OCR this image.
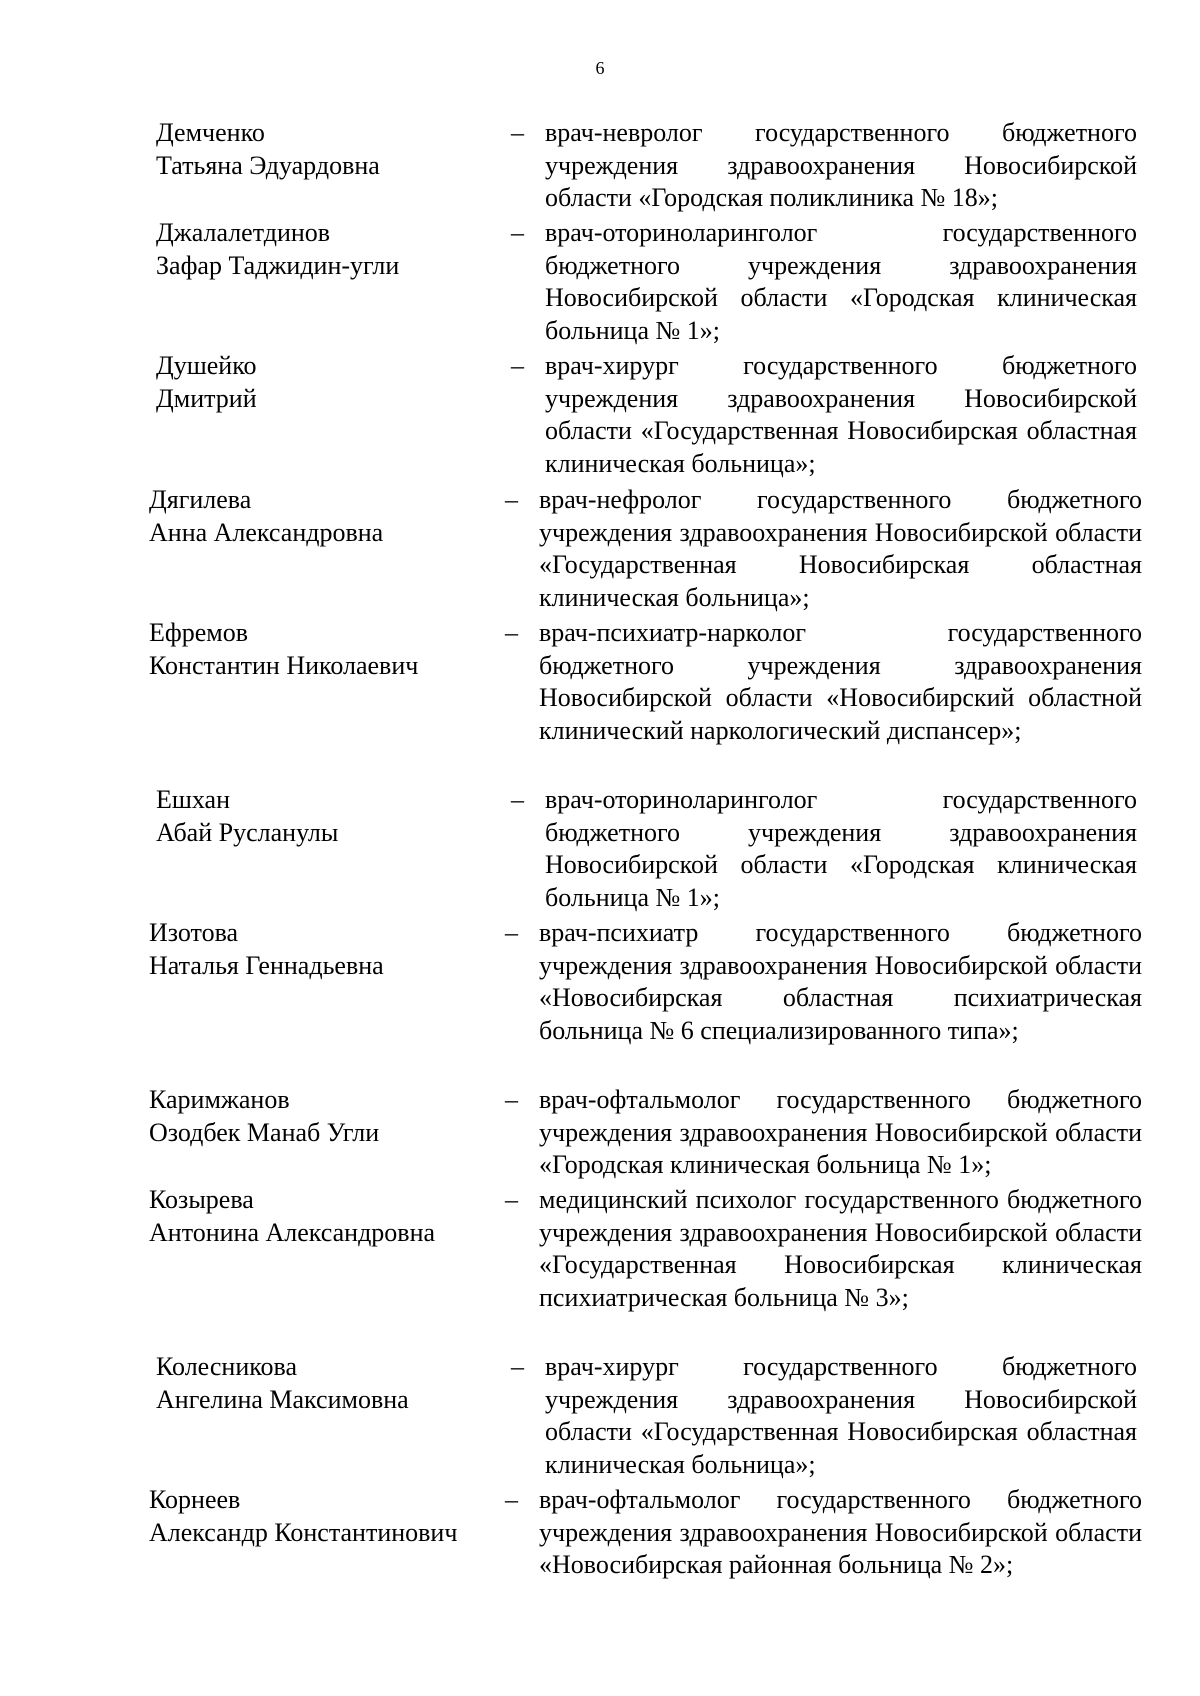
6
Демченко
Татьяна Эдуардовна
– врач-невролог государственного бюджетного учреждения здравоохранения Новосибирской области «Городская поликлиника № 18»;
Джалалетдинов
Зафар Таджидин-угли
– врач-оториноларинголог государственного бюджетного учреждения здравоохранения Новосибирской области «Городская клиническая больница № 1»;
Душейко
Дмитрий
– врач-хирург государственного бюджетного учреждения здравоохранения Новосибирской области «Государственная Новосибирская областная клиническая больница»;
Дягилева
Анна Александровна
– врач-нефролог государственного бюджетного учреждения здравоохранения Новосибирской области «Государственная Новосибирская областная клиническая больница»;
Ефремов
Константин Николаевич
– врач-психиатр-нарколог государственного бюджетного учреждения здравоохранения Новосибирской области «Новосибирский областной клинический наркологический диспансер»;
Ешхан
Абай Русланулы
– врач-оториноларинголог государственного бюджетного учреждения здравоохранения Новосибирской области «Городская клиническая больница № 1»;
Изотова
Наталья Геннадьевна
– врач-психиатр государственного бюджетного учреждения здравоохранения Новосибирской области «Новосибирская областная психиатрическая больница № 6 специализированного типа»;
Каримжанов
Озодбек Манаб Угли
– врач-офтальмолог государственного бюджетного учреждения здравоохранения Новосибирской области «Городская клиническая больница № 1»;
Козырева
Антонина Александровна
– медицинский психолог государственного бюджетного учреждения здравоохранения Новосибирской области «Государственная Новосибирская клиническая психиатрическая больница № 3»;
Колесникова
Ангелина Максимовна
– врач-хирург государственного бюджетного учреждения здравоохранения Новосибирской области «Государственная Новосибирская областная клиническая больница»;
Корнеев
Александр Константинович
– врач-офтальмолог государственного бюджетного учреждения здравоохранения Новосибирской области «Новосибирская районная больница № 2»;
